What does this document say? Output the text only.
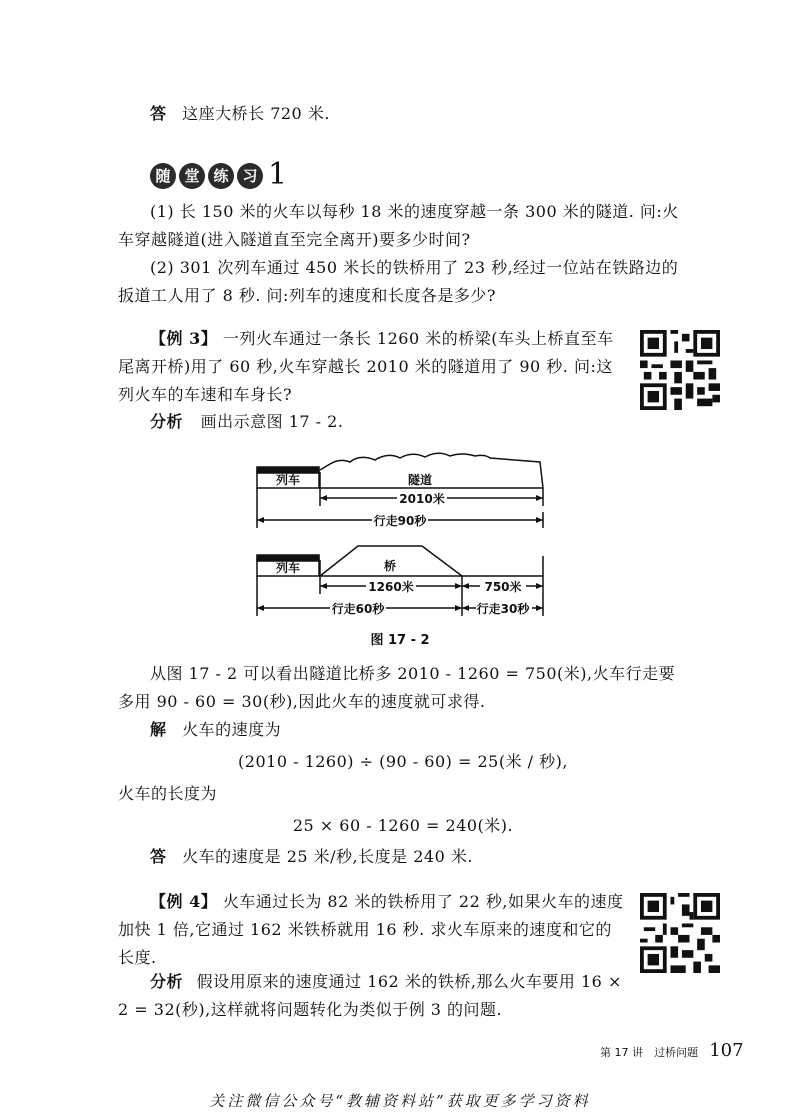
答 这座大桥长 720 米.
随 堂 练 习 1
(1) 长 150 米的火车以每秒 18 米的速度穿越一条 300 米的隧道. 问:火车穿越隧道(进入隧道直至完全离开)要多少时间?
(2) 301 次列车通过 450 米长的铁桥用了 23 秒,经过一位站在铁路边的扳道工人用了 8 秒. 问:列车的速度和长度各是多少?
【例 3】 一列火车通过一条长 1260 米的桥梁(车头上桥直至车尾离开桥)用了 60 秒,火车穿越长 2010 米的隧道用了 90 秒. 问:这列火车的车速和车身长?
分析 画出示意图 17 - 2.
列车	隧道
2010米
行走90秒
列车	桥
1260米	750米
行走60秒	行走30秒
图 17 - 2
从图 17 - 2 可以看出隧道比桥多 2010 - 1260 = 750(米),火车行走要多用 90 - 60 = 30(秒),因此火车的速度就可求得.
解 火车的速度为
(2010 - 1260) ÷ (90 - 60) = 25(米 / 秒),
火车的长度为
25 × 60 - 1260 = 240(米).
答 火车的速度是 25 米/秒,长度是 240 米.
【例 4】 火车通过长为 82 米的铁桥用了 22 秒,如果火车的速度加快 1 倍,它通过 162 米铁桥就用 16 秒. 求火车原来的速度和它的长度.
分析 假设用原来的速度通过 162 米的铁桥,那么火车要用 16 × 2 = 32(秒),这样就将问题转化为类似于例 3 的问题.
第 17 讲 过桥问题 107
关注微信公众号“教辅资料站”获取更多学习资料
